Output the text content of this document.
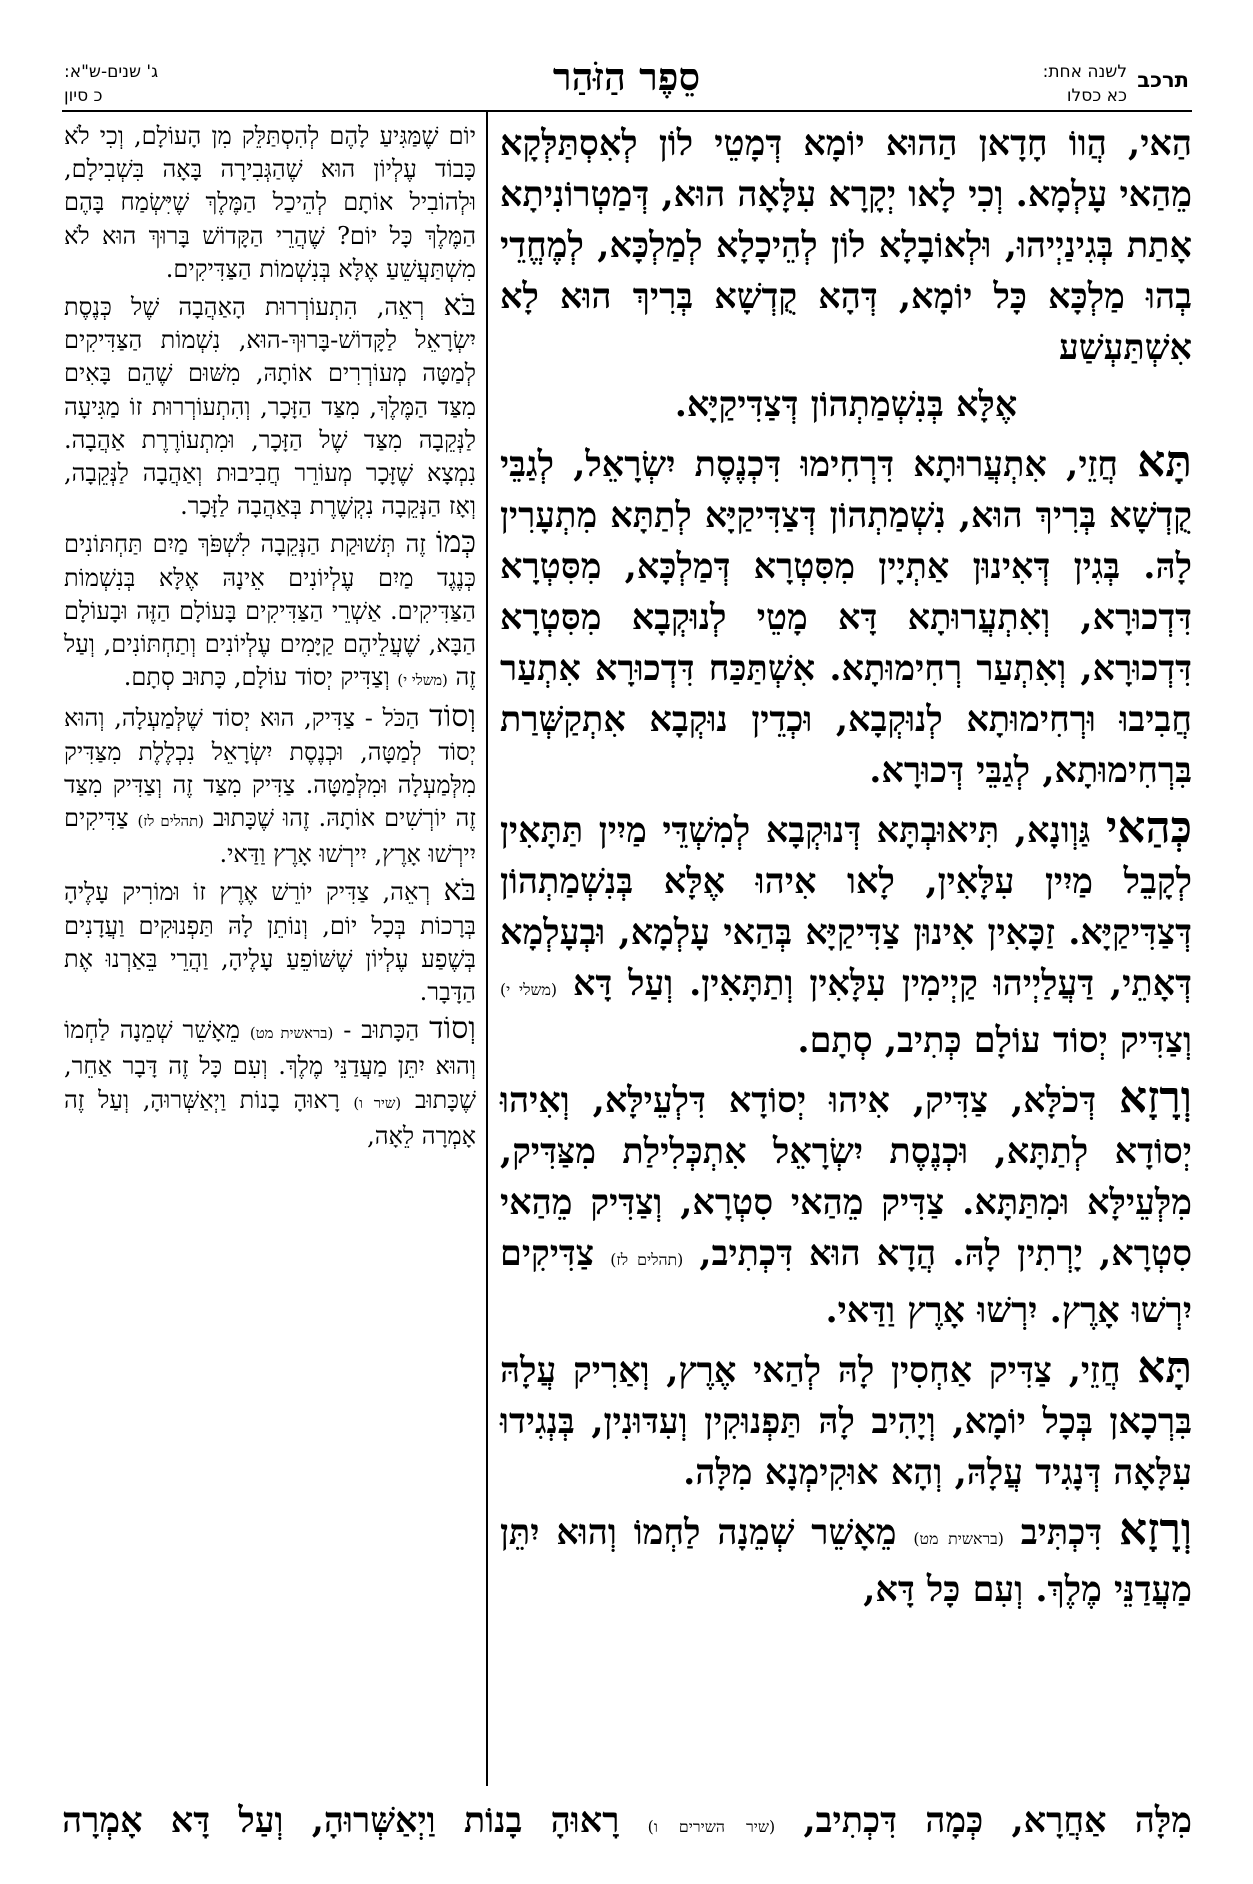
תרכב
לשנה אחת:
כא כסלו
סֵפֶר הַזֹּהַר
ג' שנים-ש"א:
כ סיון

הַאי, הֲווֹ חָדָאן הַהוּא יוֹמָא דְּמָטֵי לוֹן לְאִסְתַּלְּקָא מֵהַאי עָלְמָא. וְכִי לָאו יְקָרָא עִלָּאָה הוּא, דְּמַטְרוֹנִיתָא אָתַת בְּגִינַיְיהוּ, וּלְאוֹבָלָא לוֹן לְהֵיכָלָא לְמַלְכָּא, לְמֶחֱדֵי בְהוּ מַלְכָּא כָּל יוֹמָא, דְּהָא קֻדְשָׁא בְּרִיךְ הוּא לָא אִשְׁתַּעְשַׁע

אֶלָּא בְּנִשְׁמַתְהוֹן דְּצַדִּיקַיָּא.

תָּא חֲזֵי, אִתְעֲרוּתָא דִּרְחִימוּ דִּכְנֶסֶת יִשְׂרָאֵל, לְגַבֵּי קֻדְשָׁא בְּרִיךְ הוּא, נִשְׁמַתְהוֹן דְּצַדִּיקַיָּא לְתַתָּא מִתְעָרִין לָהּ. בְּגִין דְּאִינוּן אַתְיָין מִסִּטְרָא דְּמַלְכָּא, מִסִּטְרָא דִּדְכוּרָא, וְאִתְעֲרוּתָא דָּא מָטֵי לְנוּקְבָא מִסִּטְרָא דִּדְכוּרָא, וְאִתְעַר רְחִימוּתָא. אִשְׁתַּכַּח דִּדְכוּרָא אִתְעַר חֲבִיבוּ וּרְחִימוּתָא לְנוּקְבָא, וּכְדֵין נוּקְבָא אִתְקַשְּׁרַת בִּרְחִימוּתָא, לְגַבֵּי דְּכוּרָא.

כְּהַאי גַּוְונָא, תִּיאוּבְתָּא דְּנוּקְבָא לְמִשְׁדֵּי מַיִין תַּתָּאִין לְקָבֵל מַיִין עִלָּאִין, לָאו אִיהוּ אֶלָּא בְּנִשְׁמַתְהוֹן דְּצַדִּיקַיָּא. זַכָּאִין אִינוּן צַדִּיקַיָּא בְּהַאי עָלְמָא, וּבְעָלְמָא דְּאָתֵי, דַּעֲלַיְיהוּ קַיְימִין עִלָּאִין וְתַתָּאִין. וְעַל דָּא (משלי י) וְצַדִּיק יְסוֹד עוֹלָם כְּתִיב, סְתָם.

וְרָזָא דְּכֹלָּא, צַדִּיק, אִיהוּ יְסוֹדָא דִּלְעֵילָּא, וְאִיהוּ יְסוֹדָא לְתַתָּא, וּכְנֶסֶת יִשְׂרָאֵל אִתְכְּלִילַת מִצַּדִּיק, מִלְּעֵילָּא וּמִתַּתָּא. צַדִּיק מֵהַאי סִטְרָא, וְצַדִּיק מֵהַאי סִטְרָא, יָרְתִין לָהּ. הֲדָא הוּא דִּכְתִיב, (תהלים לז) צַדִּיקִים יִרְשׁוּ אָרֶץ. יִרְשׁוּ אָרֶץ וַדַּאי.

תָּא חֲזֵי, צַדִּיק אַחְסִין לָהּ לְהַאי אֶרֶץ, וְאַרִיק עֲלָהּ בִּרְכָאן בְּכָל יוֹמָא, וְיָהִיב לָהּ תַּפְנוּקִין וְעִדּוּנִין, בְּנְגִידוּ עִלָּאָה דְּנָגִיד עֲלָהּ, וְהָא אוּקִימְנָא מִלָּה.

וְרָזָא דִּכְתִּיב (בראשית מט) מֵאָשֵׁר שְׁמֵנָה לַחְמוֹ וְהוּא יִתֵּן מַעֲדַנֵּי מֶלֶךְ. וְעִם כָּל דָּא,

יוֹם שֶׁמַּגִּיעַ לָהֶם לְהִסְתַּלֵּק מִן הָעוֹלָם, וְכִי לֹא כָּבוֹד עֶלְיוֹן הוּא שֶׁהַגְּבִירָה בָּאָה בִּשְׁבִילָם, וּלְהוֹבִיל אוֹתָם לְהֵיכַל הַמֶּלֶךְ שֶׁיִּשְׂמַח בָּהֶם הַמֶּלֶךְ כָּל יוֹם? שֶׁהֲרֵי הַקָּדוֹשׁ בָּרוּךְ הוּא לֹא מִשְׁתַּעֲשֵׁעַ אֶלָּא בְּנִשְׁמוֹת הַצַּדִּיקִים.

בֹּא רְאֵה, הִתְעוֹרְרוּת הָאַהֲבָה שֶׁל כְּנֶסֶת יִשְׂרָאֵל לַקָּדוֹשׁ-בָּרוּךְ-הוּא, נִשְׁמוֹת הַצַּדִּיקִים לְמַטָּה מְעוֹרְרִים אוֹתָהּ, מִשּׁוּם שֶׁהֵם בָּאִים מִצַּד הַמֶּלֶךְ, מִצַּד הַזָּכָר, וְהִתְעוֹרְרוּת זוֹ מַגִּיעָה לַנְּקֵבָה מִצַּד שֶׁל הַזָּכָר, וּמִתְעוֹרֶרֶת אַהֲבָה. נִמְצָא שֶׁזָּכָר מְעוֹרֵר חֲבִיבוּת וְאַהֲבָה לַנְּקֵבָה, וְאָז הַנְּקֵבָה נִקְשֶׁרֶת בְּאַהֲבָה לַזָּכָר.

כְּמוֹ זֶה תְּשׁוּקַת הַנְּקֵבָה לִשְׁפֹּךְ מַיִם תַּחְתּוֹנִים כְּנֶגֶד מַיִם עֶלְיוֹנִים אֵינָהּ אֶלָּא בְּנִשְׁמוֹת הַצַּדִּיקִים. אַשְׁרֵי הַצַּדִּיקִים בָּעוֹלָם הַזֶּה וּבָעוֹלָם הַבָּא, שֶׁעֲלֵיהֶם קַיָּמִים עֶלְיוֹנִים וְתַחְתּוֹנִים, וְעַל זֶה (משלי י) וְצַדִּיק יְסוֹד עוֹלָם, כָּתוּב סְתָם.

וְסוֹד הַכֹּל - צַדִּיק, הוּא יְסוֹד שֶׁלְּמַעְלָה, וְהוּא יְסוֹד לְמַטָּה, וּכְנֶסֶת יִשְׂרָאֵל נִכְלֶלֶת מִצַּדִּיק מִלְּמַעְלָה וּמִלְּמַטָּה. צַדִּיק מִצַּד זֶה וְצַדִּיק מִצַּד זֶה יוֹרְשִׁים אוֹתָהּ. זֶהוּ שֶׁכָּתוּב (תהלים לז) צַדִּיקִים יִירְשׁוּ אָרֶץ, יִירְשׁוּ אָרֶץ וַדַּאי.

בֹּא רְאֵה, צַדִּיק יוֹרֵשׁ אֶרֶץ זוֹ וּמוֹרִיק עָלֶיהָ בְּרָכוֹת בְּכָל יוֹם, וְנוֹתֵן לָהּ תַּפְנוּקִים וַעֲדָנִים בְּשֶׁפַע עֶלְיוֹן שֶׁשּׁוֹפֵעַ עָלֶיהָ, וַהֲרֵי בֵּאַרְנוּ אֶת הַדָּבָר.

וְסוֹד הַכָּתוּב - (בראשית מט) מֵאָשֵׁר שְׁמֵנָה לַחְמוֹ וְהוּא יִתֵּן מַעֲדַנֵּי מֶלֶךְ. וְעִם כָּל זֶה דָּבָר אַחֵר, שֶׁכָּתוּב (שיר ו) רָאוּהָ בָנוֹת וַיְאַשְּׁרוּהָ, וְעַל זֶה אָמְרָה לֵאָה,

מִלָּה אַחֲרָא, כְּמָה דִּכְתִיב, (שיר השירים ו) רָאוּהָ בָנוֹת וַיְאַשְּׁרוּהָ, וְעַל דָּא אָמְרָה
